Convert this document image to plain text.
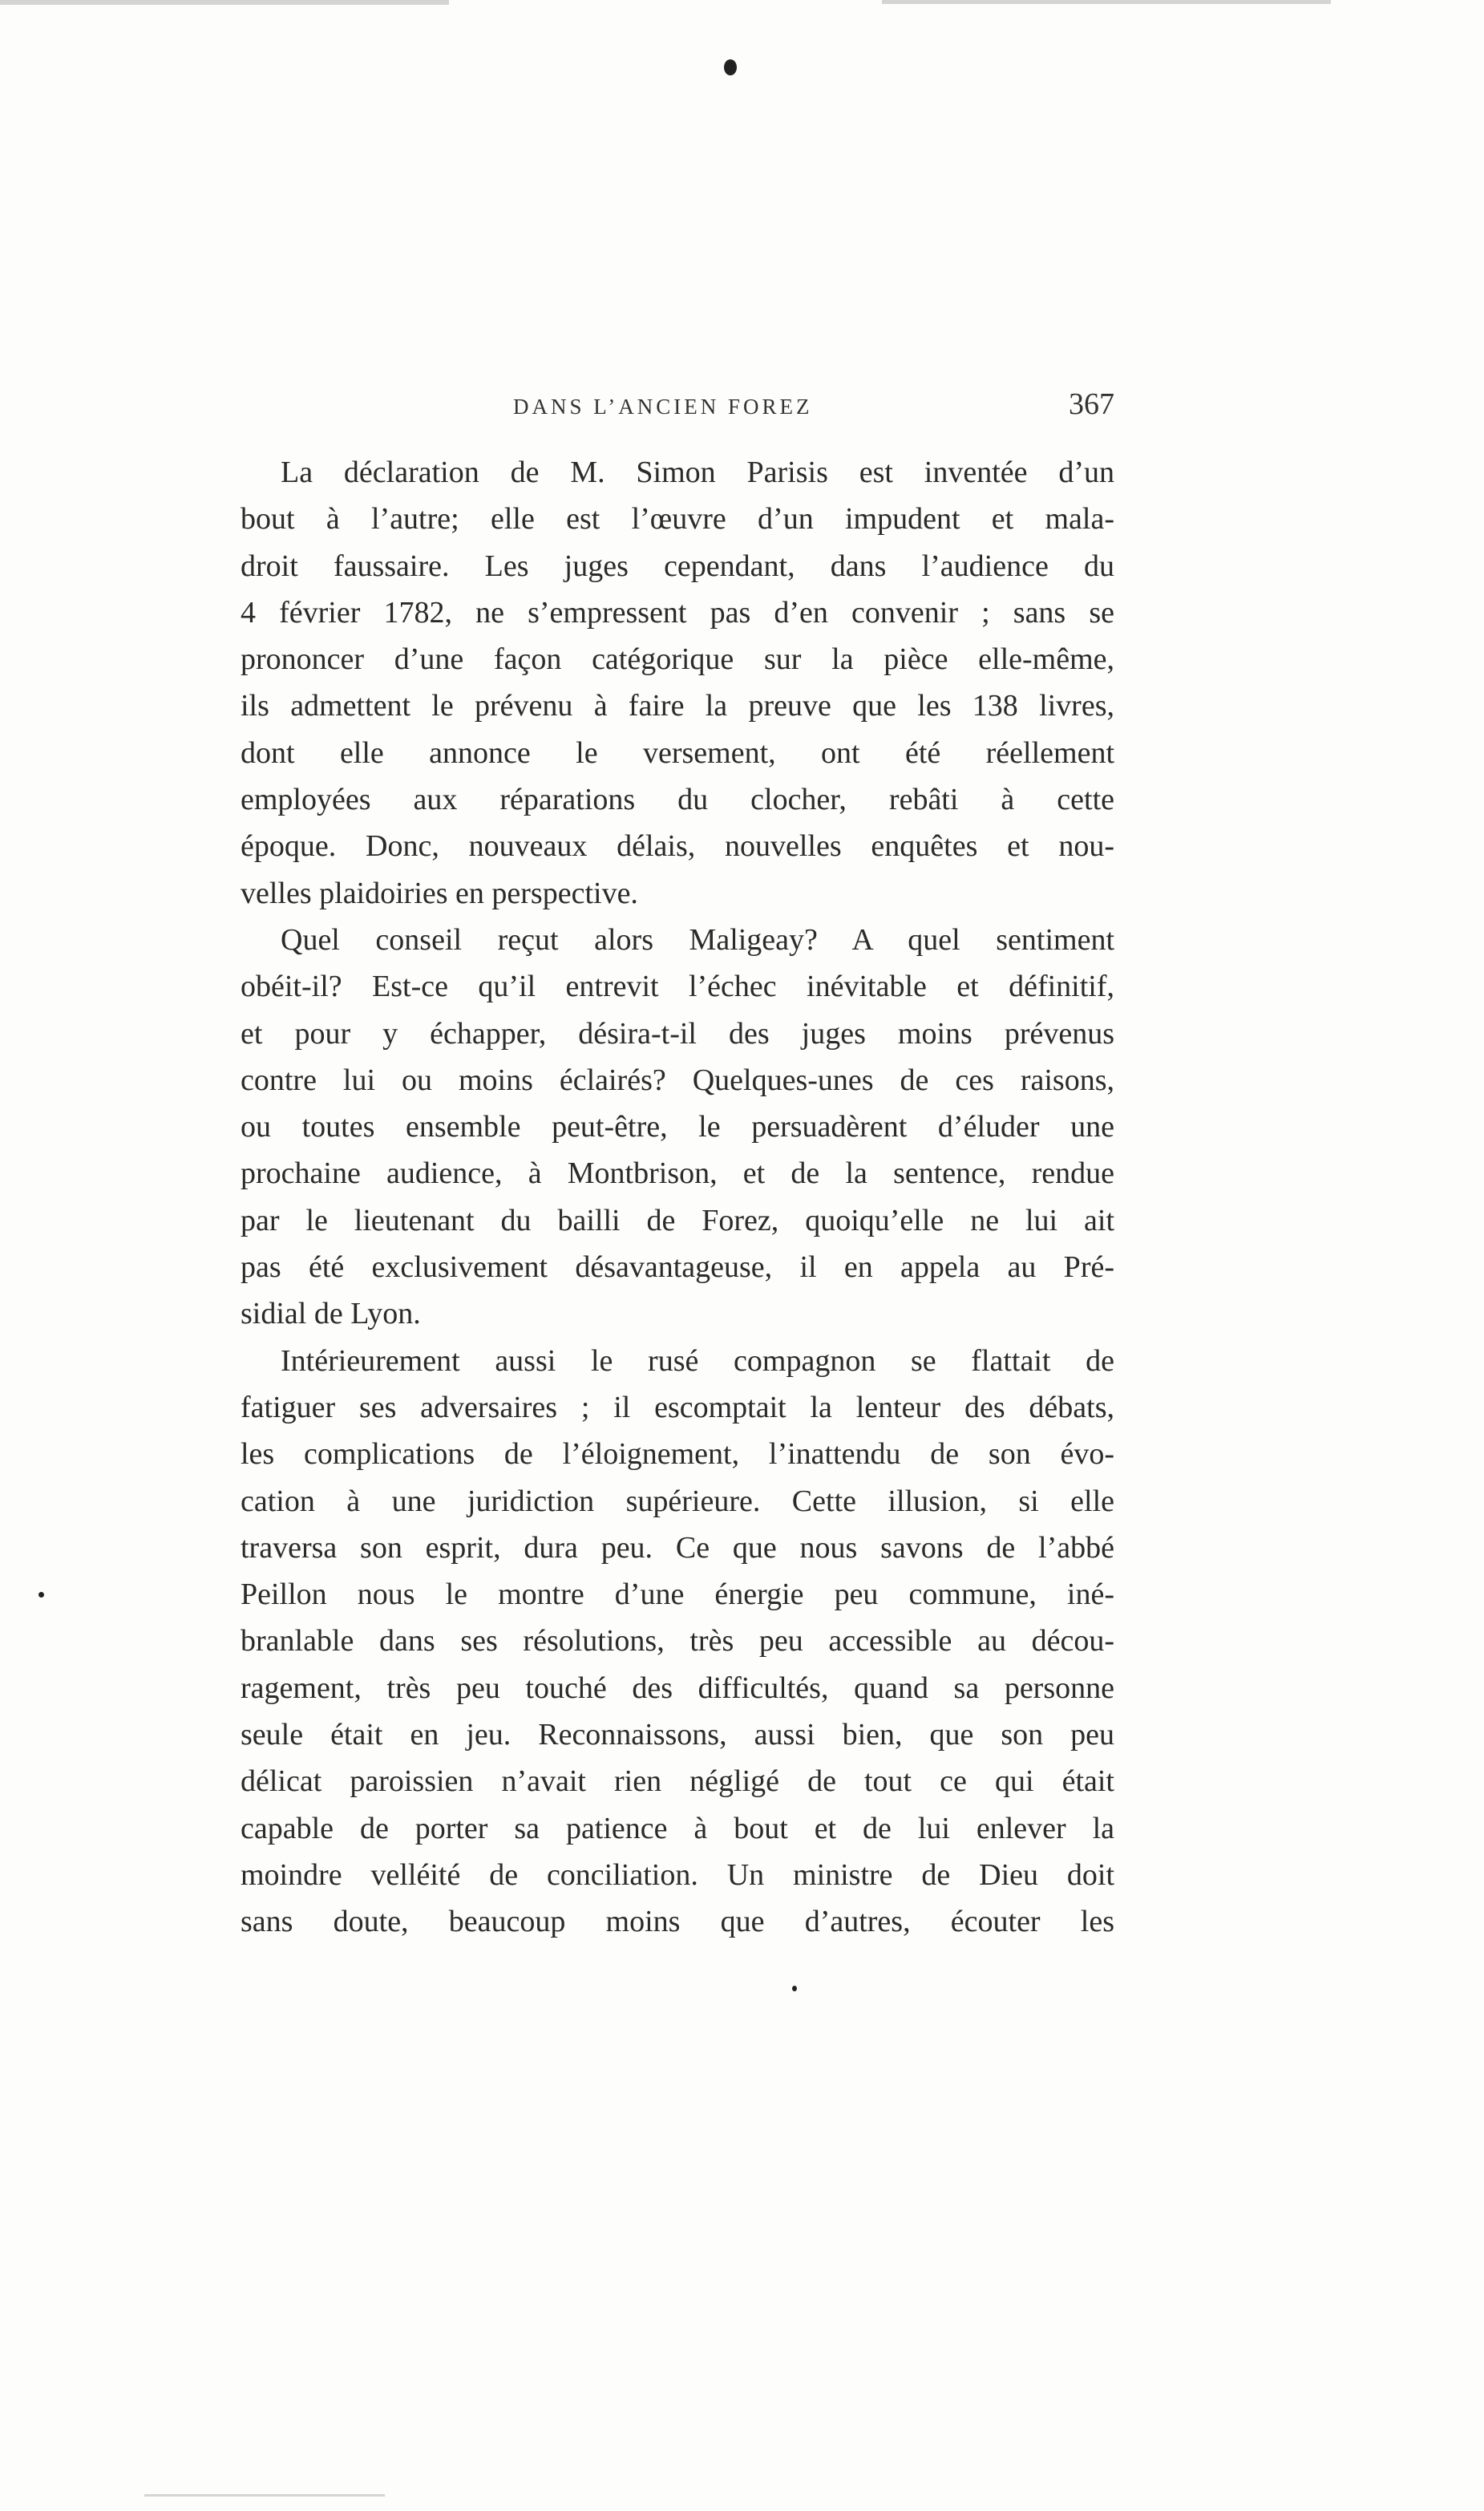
DANS L’ANCIEN FOREZ	367
La déclaration de M. Simon Parisis est inventée d’un
bout à l’autre; elle est l’œuvre d’un impudent et mala-
droit faussaire. Les juges cependant, dans l’audience du
4 février 1782, ne s’empressent pas d’en convenir ; sans se
prononcer d’une façon catégorique sur la pièce elle-même,
ils admettent le prévenu à faire la preuve que les 138 livres,
dont elle annonce le versement, ont été réellement
employées aux réparations du clocher, rebâti à cette
époque. Donc, nouveaux délais, nouvelles enquêtes et nou-
velles plaidoiries en perspective.
Quel conseil reçut alors Maligeay? A quel sentiment
obéit-il? Est-ce qu’il entrevit l’échec inévitable et définitif,
et pour y échapper, désira-t-il des juges moins prévenus
contre lui ou moins éclairés? Quelques-unes de ces raisons,
ou toutes ensemble peut-être, le persuadèrent d’éluder une
prochaine audience, à Montbrison, et de la sentence, rendue
par le lieutenant du bailli de Forez, quoiqu’elle ne lui ait
pas été exclusivement désavantageuse, il en appela au Pré-
sidial de Lyon.
Intérieurement aussi le rusé compagnon se flattait de
fatiguer ses adversaires ; il escomptait la lenteur des débats,
les complications de l’éloignement, l’inattendu de son évo-
cation à une juridiction supérieure. Cette illusion, si elle
traversa son esprit, dura peu. Ce que nous savons de l’abbé
Peillon nous le montre d’une énergie peu commune, iné-
branlable dans ses résolutions, très peu accessible au décou-
ragement, très peu touché des difficultés, quand sa personne
seule était en jeu. Reconnaissons, aussi bien, que son peu
délicat paroissien n’avait rien négligé de tout ce qui était
capable de porter sa patience à bout et de lui enlever la
moindre velléité de conciliation. Un ministre de Dieu doit
sans doute, beaucoup moins que d’autres, écouter les
